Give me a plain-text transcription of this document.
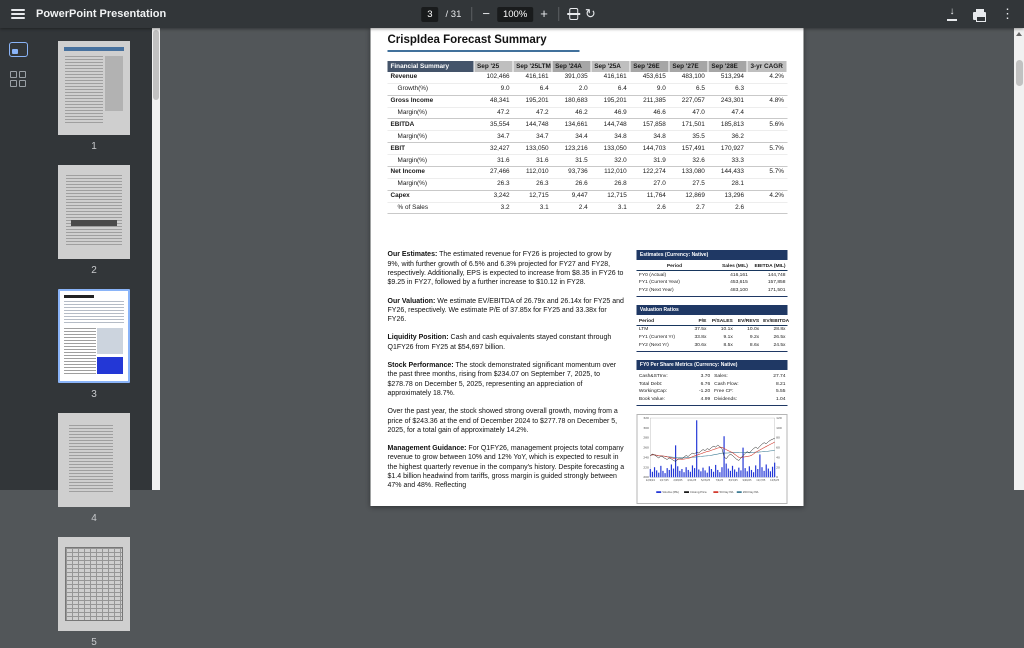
PowerPoint Presentation	3	/ 31 −	100%	+	↻	↓	⋮
1
2
3
4
5
CrispIdea Forecast Summary
Financial Summary	Sep '25	Sep '25LTM	Sep '24A	Sep '25A	Sep '26E	Sep '27E	Sep '28E	3-yr CAGR
Revenue	102,466	416,161	391,035	416,161	453,615	483,100	513,294	4.2%
Growth(%)	9.0	6.4	2.0	6.4	9.0	6.5	6.3	
Gross Income	48,341	195,201	180,683	195,201	211,385	227,057	243,301	4.8%
Margin(%)	47.2	47.2	46.2	46.9	46.6	47.0	47.4	
EBITDA	35,554	144,748	134,661	144,748	157,858	171,501	185,813	5.6%
Margin(%)	34.7	34.7	34.4	34.8	34.8	35.5	36.2	
EBIT	32,427	133,050	123,216	133,050	144,703	157,491	170,927	5.7%
Margin(%)	31.6	31.6	31.5	32.0	31.9	32.6	33.3	
Net Income	27,466	112,010	93,736	112,010	122,274	133,080	144,433	5.7%
Margin(%)	26.3	26.3	26.6	26.8	27.0	27.5	28.1	
Capex	3,242	12,715	9,447	12,715	11,764	12,869	13,296	4.2%
% of Sales	3.2	3.1	2.4	3.1	2.6	2.7	2.6	

Our Estimates: The estimated revenue for FY26 is projected to grow by 9%, with further growth of 6.5% and 6.3% projected for FY27 and FY28, respectively. Additionally, EPS is expected to increase from $8.35 in FY26 to $9.25 in FY27, followed by a further increase to $10.12 in FY28.

Our Valuation: We estimate EV/EBITDA of 26.79x and 26.14x for FY25 and FY26, respectively. We estimate P/E of 37.85x for FY25 and 33.38x for FY26.

Liquidity Position: Cash and cash equivalents stayed constant through Q1FY26 from FY25 at $54,697 billion.

Stock Performance: The stock demonstrated significant momentum over the past three months, rising from $234.07 on September 7, 2025, to $278.78 on December 5, 2025, representing an appreciation of approximately 18.7%.

Over the past year, the stock showed strong overall growth, moving from a price of $243.36 at the end of December 2024 to $277.78 on December 5, 2025, for a total gain of approximately 14.2%.

Management Guidance: For Q1FY26, management projects total company revenue to grow between 10% and 12% YoY, which is expected to result in the highest quarterly revenue in the company's history. Despite forecasting a $1.4 billion headwind from tariffs, gross margin is guided strongly between 47% and 48%. Reflecting

Estimates (Currency: Native)
Period	Sales (MIL)	EBITDA (MIL)
FY0 (Actual)	416,161	144,748
FY1 (Current Year)	453,615	157,858
FY2 (Next Year)	483,100	171,501
Valuation Ratios
Period	P/E	P/SALES	EV/REVS	EV/EBITDA
LTM	37.5x	10.1x	10.0x	28.8x
FY1 (Current Yr)	33.8x	9.1x	9.2x	26.5x
FY2 (Next Yr)	30.6x	8.5x	8.6x	24.5x
FY0 Per Share Metrics (Currency: Native)
Cash&STInv:	3.70	Sales:	27.74
Total Debt:	6.76	Cash Flow:	8.21
WorkingCap:	-1.20	Free CF:	5.55
Book Value:	4.99	Dividends:	1.04
320
300
280
260
240
220
200
120
100
80
60
40
20
0
12/6/24 1/17/25 2/28/25 4/11/25 5/23/25 7/4/25 8/15/25 9/26/25 11/7/25 12/5/25
Volume (MIL)	Closing Price	50 Day MA	200 Day MA
